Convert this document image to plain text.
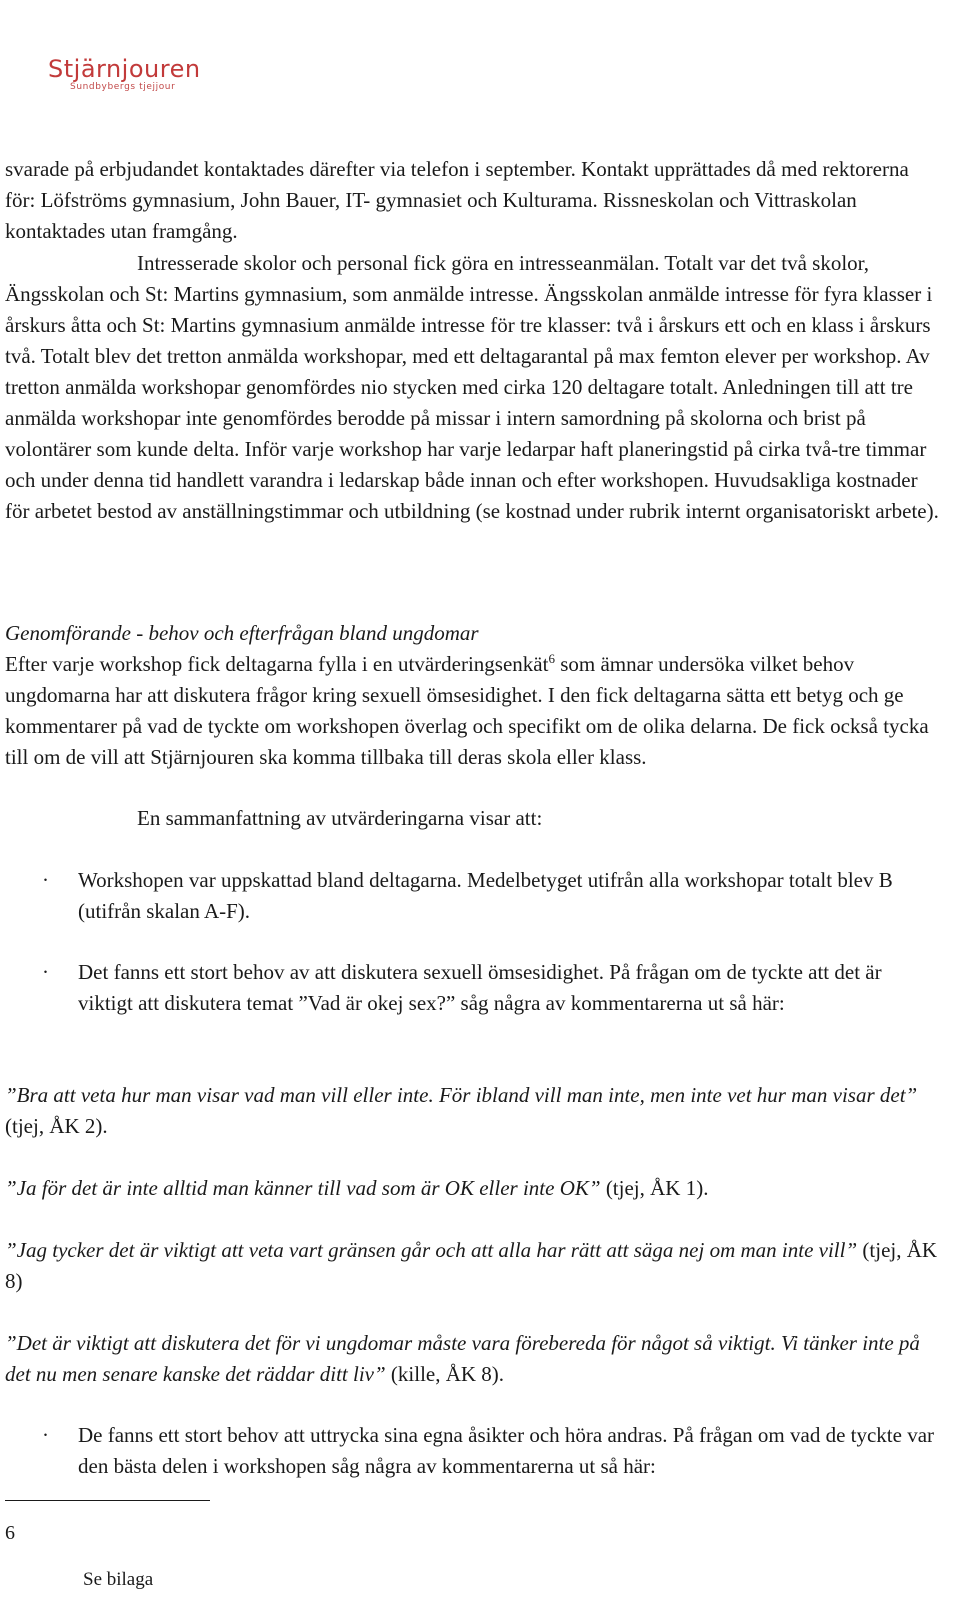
Stjärnjouren
Sundbybergs tjejjour

svarade på erbjudandet kontaktades därefter via telefon i september. Kontakt upprättades då med rektorerna för: Löfströms gymnasium, John Bauer, IT- gymnasiet och Kulturama. Rissneskolan och Vittraskolan kontaktades utan framgång.

Intresserade skolor och personal fick göra en intresseanmälan. Totalt var det två skolor, Ängsskolan och St: Martins gymnasium, som anmälde intresse. Ängsskolan anmälde intresse för fyra klasser i årskurs åtta och St: Martins gymnasium anmälde intresse för tre klasser: två i årskurs ett och en klass i årskurs två. Totalt blev det tretton anmälda workshopar, med ett deltagarantal på max femton elever per workshop. Av tretton anmälda workshopar genomfördes nio stycken med cirka 120 deltagare totalt. Anledningen till att tre anmälda workshopar inte genomfördes berodde på missar i intern samordning på skolorna och brist på volontärer som kunde delta. Inför varje workshop har varje ledarpar haft planeringstid på cirka två-tre timmar och under denna tid handlett varandra i ledarskap både innan och efter workshopen. Huvudsakliga kostnader för arbetet bestod av anställningstimmar och utbildning (se kostnad under rubrik internt organisatoriskt arbete).

Genomförande - behov och efterfrågan bland ungdomar

Efter varje workshop fick deltagarna fylla i en utvärderingsenkät$^6$ som ämnar undersöka vilket behov ungdomarna har att diskutera frågor kring sexuell ömsesidighet. I den fick deltagarna sätta ett betyg och ge kommentarer på vad de tyckte om workshopen överlag och specifikt om de olika delarna. De fick också tycka till om de vill att Stjärnjouren ska komma tillbaka till deras skola eller klass.

En sammanfattning av utvärderingarna visar att:

·	Workshopen var uppskattad bland deltagarna. Medelbetyget utifrån alla workshopar totalt blev B (utifrån skalan A-F).
·	Det fanns ett stort behov av att diskutera sexuell ömsesidighet. På frågan om de tyckte att det är viktigt att diskutera temat ”Vad är okej sex?” såg några av kommentarerna ut så här:

”Bra att veta hur man visar vad man vill eller inte. För ibland vill man inte, men inte vet hur man visar det” (tjej, ÅK 2).

”Ja för det är inte alltid man känner till vad som är OK eller inte OK” (tjej, ÅK 1).

”Jag tycker det är viktigt att veta vart gränsen går och att alla har rätt att säga nej om man inte vill” (tjej, ÅK 8)

”Det är viktigt att diskutera det för vi ungdomar måste vara förebereda för något så viktigt. Vi tänker inte på det nu men senare kanske det räddar ditt liv” (kille, ÅK 8).

·	De fanns ett stort behov att uttrycka sina egna åsikter och höra andras. På frågan om vad de tyckte var den bästa delen i workshopen såg några av kommentarerna ut så här:
6
Se bilaga
